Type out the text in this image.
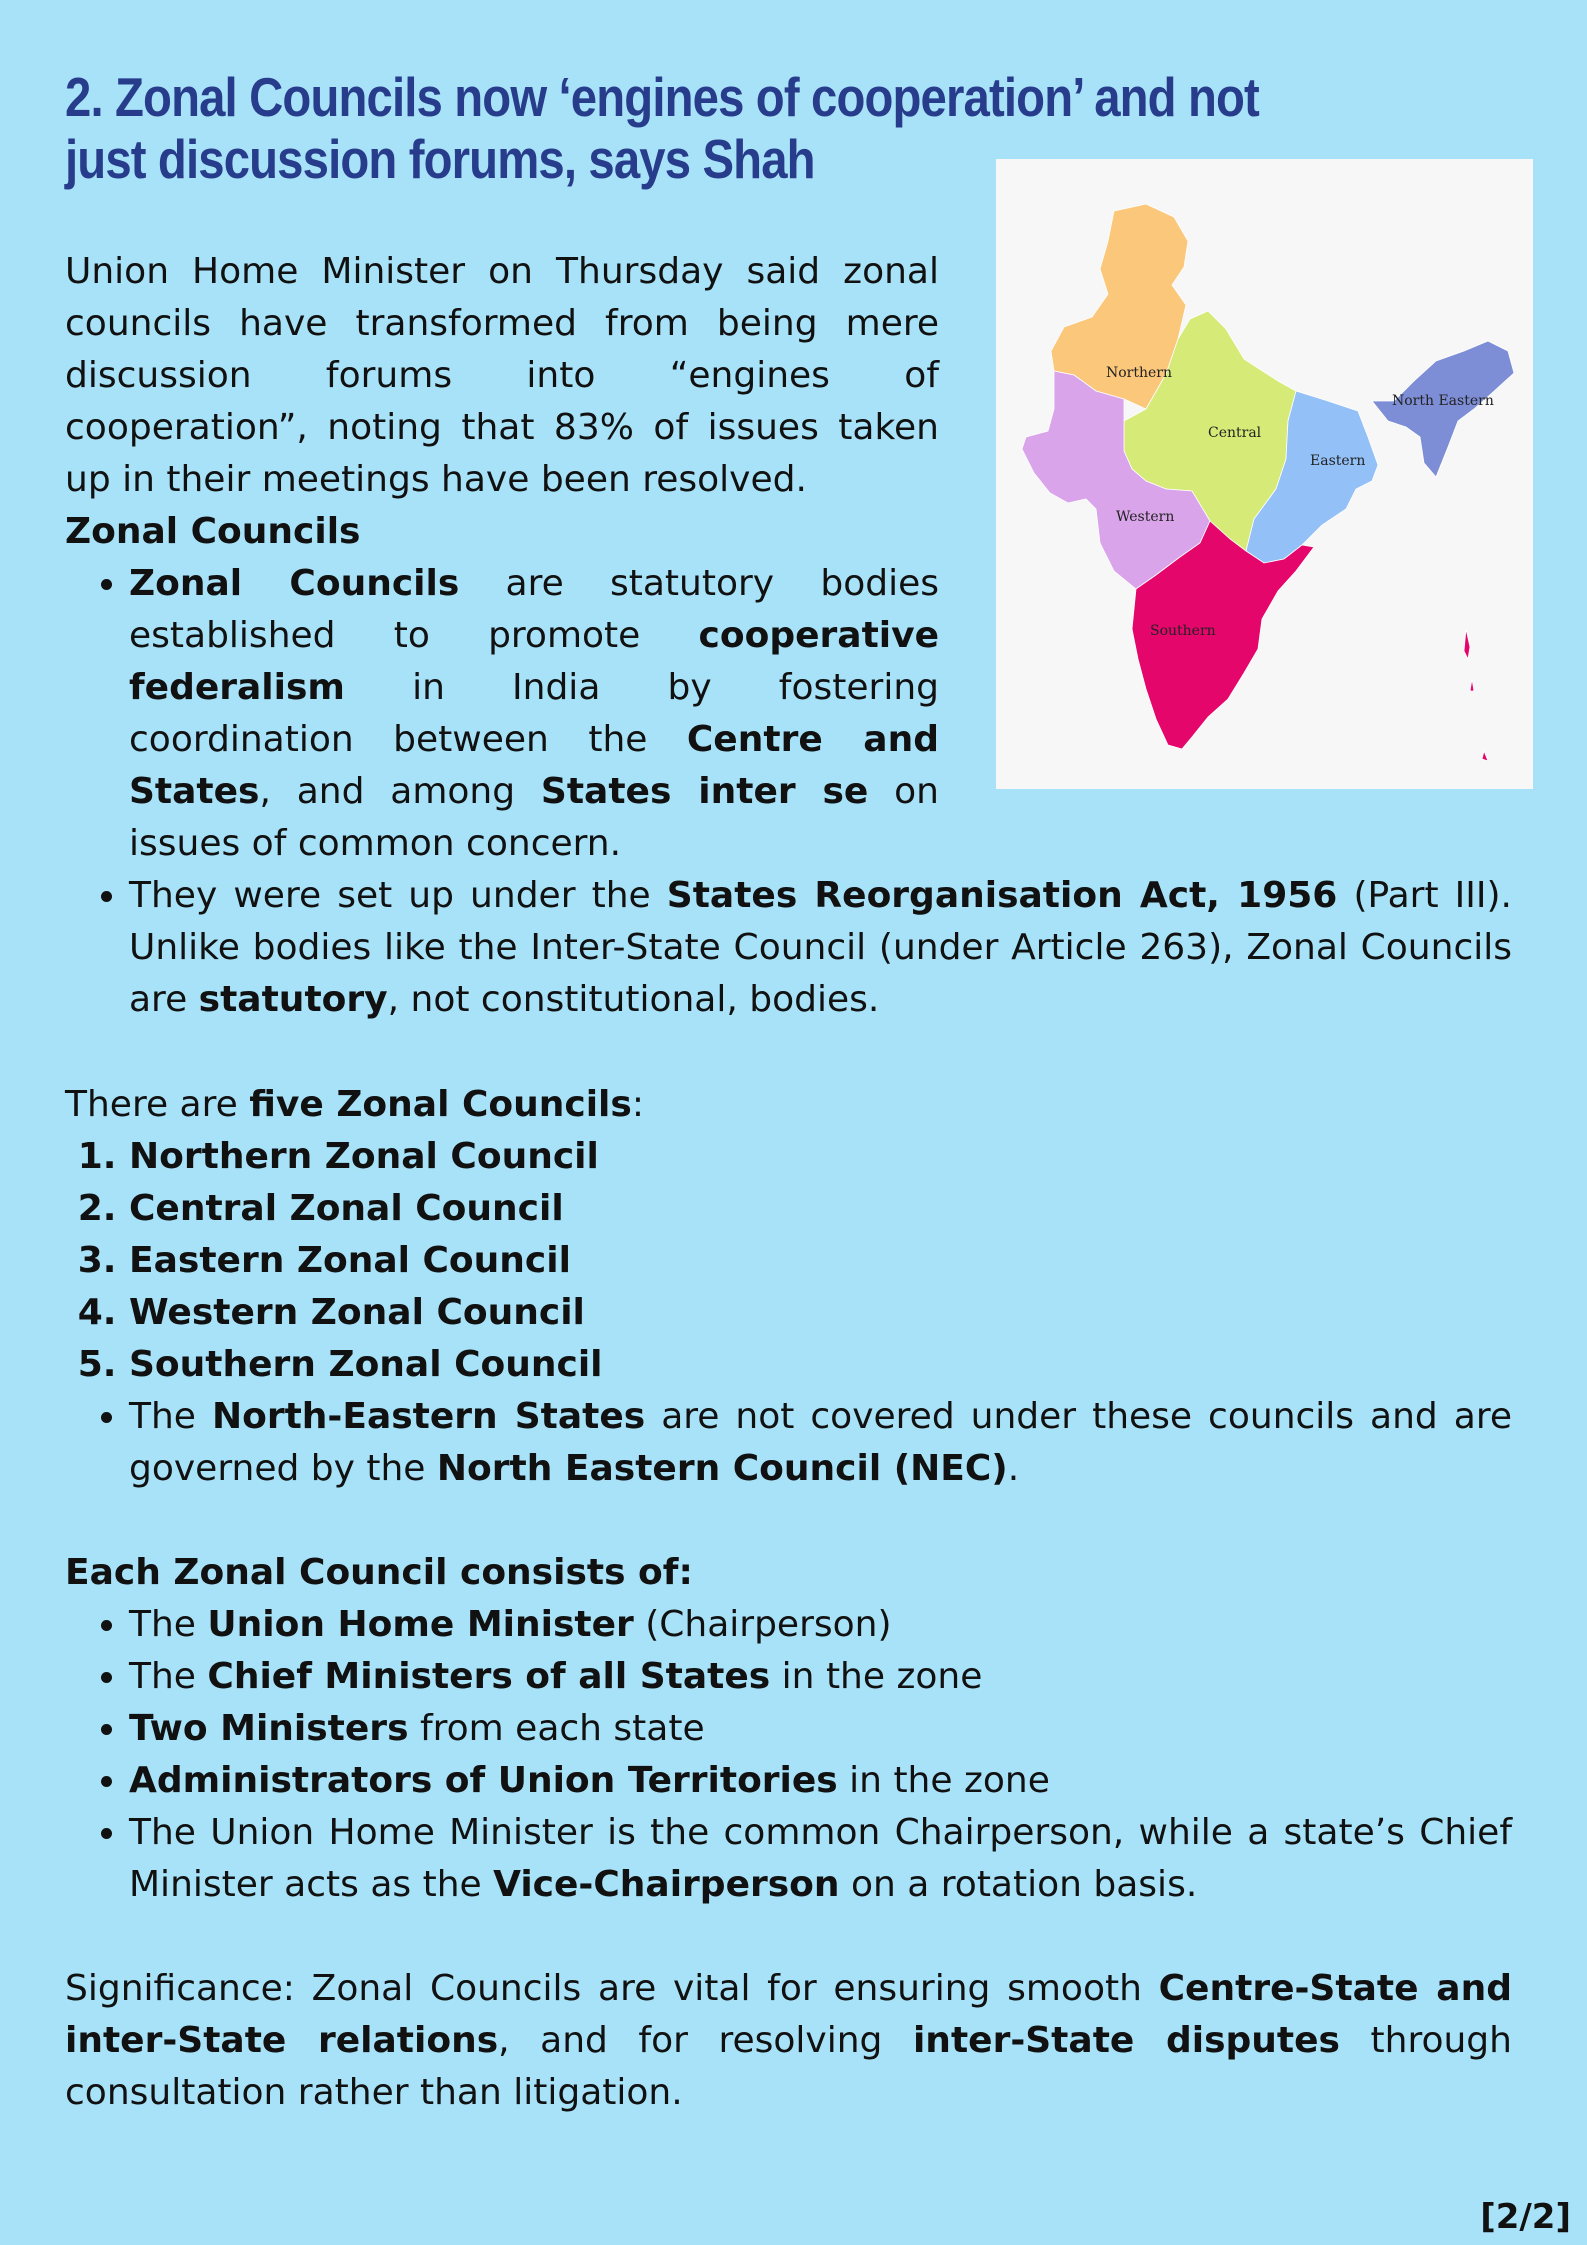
2. Zonal Councils now ‘engines of cooperation’ and not just discussion forums, says Shah
Northern
Central
Eastern
Western
Southern
North Eastern

Union Home Minister on Thursday said zonal councils have transformed from being mere discussion forums into “engines of cooperation”, noting that 83% of issues taken up in their meetings have been resolved.

Zonal Councils
• Zonal Councils are statutory bodies established to promote cooperative federalism in India by fostering coordination between the Centre and States, and among States inter se on issues of common concern.
• They were set up under the States Reorganisation Act, 1956 (Part III). Unlike bodies like the Inter-State Council (under Article 263), Zonal Councils are statutory, not constitutional, bodies.

There are five Zonal Councils:

1. Northern Zonal Council
2. Central Zonal Council
3. Eastern Zonal Council
4. Western Zonal Council
5. Southern Zonal Council
• The North-Eastern States are not covered under these councils and are governed by the North Eastern Council (NEC).
Each Zonal Council consists of:
• The Union Home Minister (Chairperson)
• The Chief Ministers of all States in the zone
• Two Ministers from each state
• Administrators of Union Territories in the zone
• The Union Home Minister is the common Chairperson, while a state’s Chief Minister acts as the Vice-Chairperson on a rotation basis.

Significance: Zonal Councils are vital for ensuring smooth Centre-State and inter-State relations, and for resolving inter-State disputes through consultation rather than litigation.

[2/2]
